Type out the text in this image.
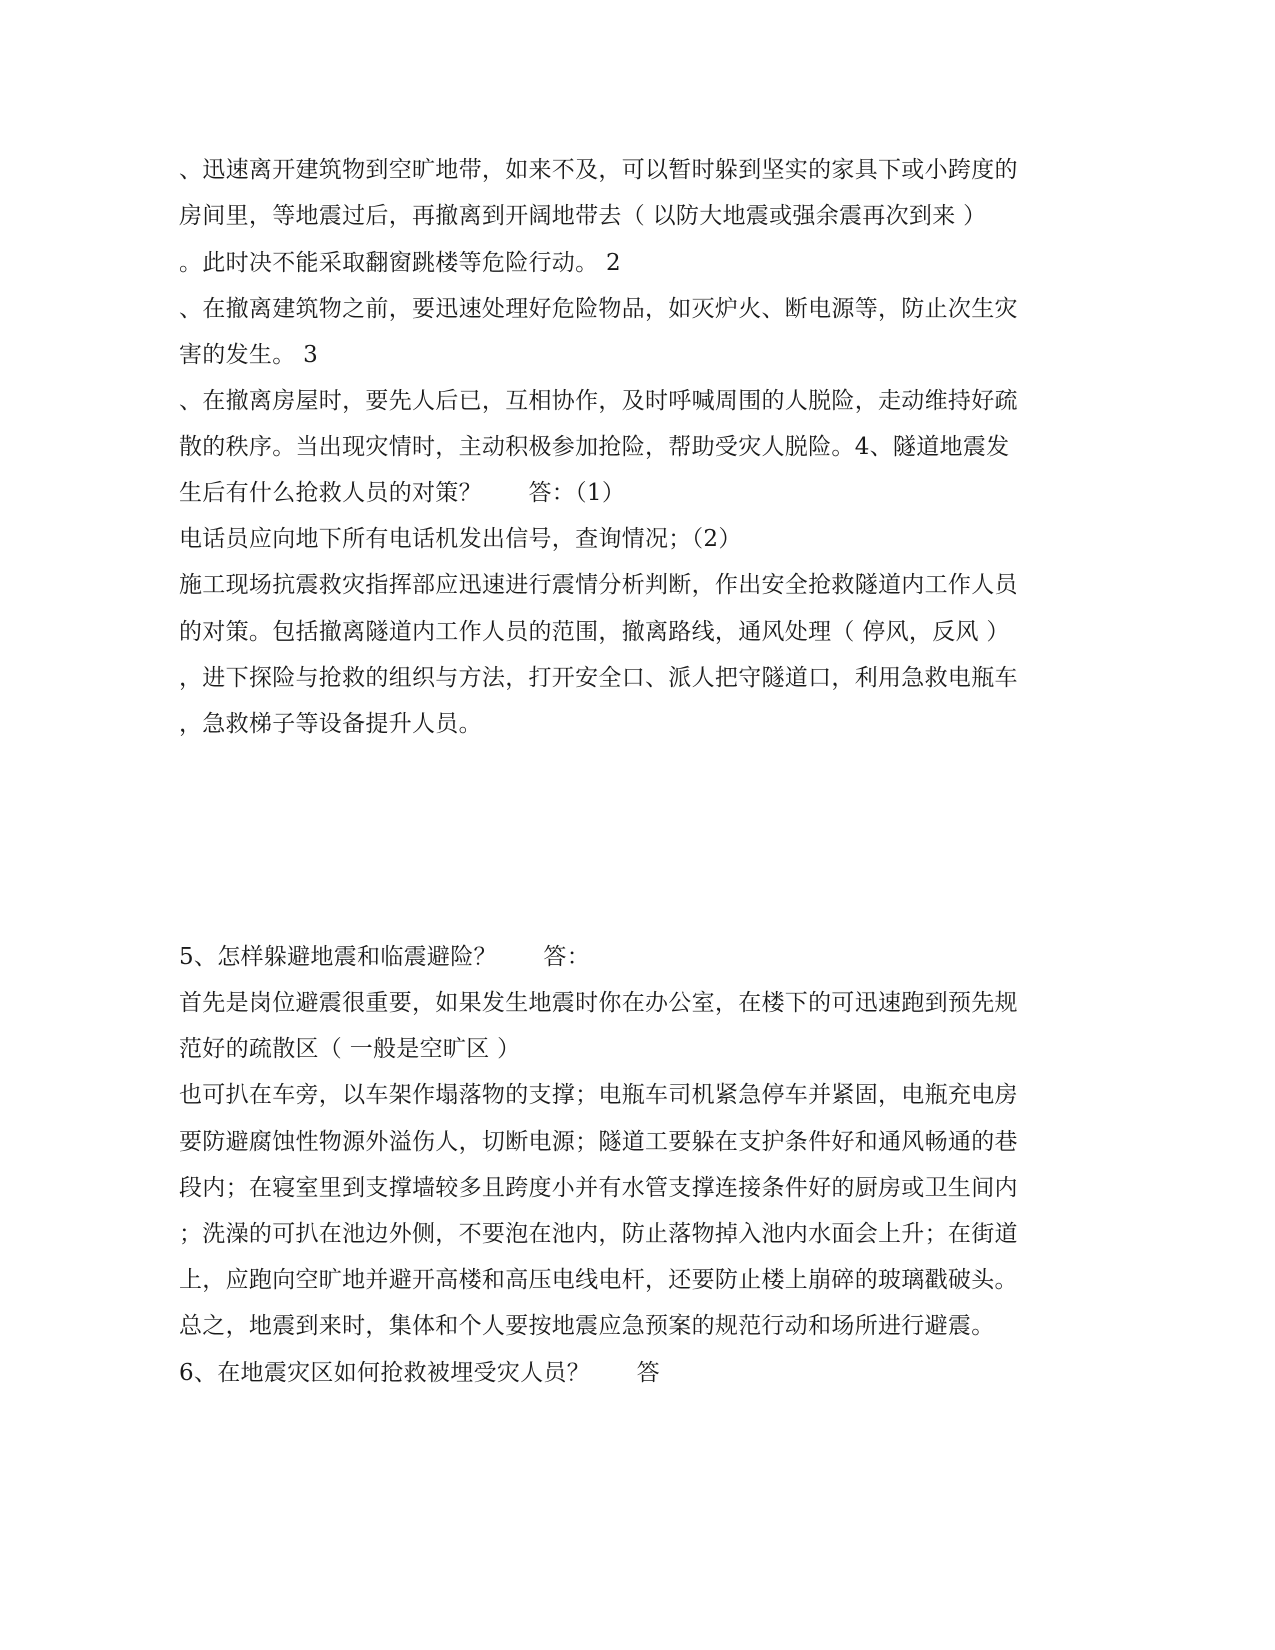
、迅速离开建筑物到空旷地带，如来不及，可以暂时躲到坚实的家具下或小跨度的
房间里，等地震过后，再撤离到开阔地带去（ 以防大地震或强余震再次到来 ）
。此时决不能采取翻窗跳楼等危险行动。 2
、在撤离建筑物之前，要迅速处理好危险物品，如灭炉火、断电源等，防止次生灾
害的发生。 3
、在撤离房屋时，要先人后已，互相协作，及时呼喊周围的人脱险，走动维持好疏
散的秩序。当出现灾情时，主动积极参加抢险，帮助受灾人脱险。4、隧道地震发
生后有什么抢救人员的对策？　　答：（1）
电话员应向地下所有电话机发出信号，查询情况；（2）
施工现场抗震救灾指挥部应迅速进行震情分析判断，作出安全抢救隧道内工作人员
的对策。包括撤离隧道内工作人员的范围，撤离路线，通风处理（ 停风，反风 ）
，进下探险与抢救的组织与方法，打开安全口、派人把守隧道口，利用急救电瓶车
，急救梯子等设备提升人员。
5、怎样躲避地震和临震避险？　　答：
首先是岗位避震很重要，如果发生地震时你在办公室，在楼下的可迅速跑到预先规
范好的疏散区（ 一般是空旷区 ）
也可扒在车旁，以车架作塌落物的支撑；电瓶车司机紧急停车并紧固，电瓶充电房
要防避腐蚀性物源外溢伤人，切断电源；隧道工要躲在支护条件好和通风畅通的巷
段内；在寝室里到支撑墙较多且跨度小并有水管支撑连接条件好的厨房或卫生间内
；洗澡的可扒在池边外侧，不要泡在池内，防止落物掉入池内水面会上升；在街道
上，应跑向空旷地并避开高楼和高压电线电杆，还要防止楼上崩碎的玻璃戳破头。
总之，地震到来时，集体和个人要按地震应急预案的规范行动和场所进行避震。
6、在地震灾区如何抢救被埋受灾人员？　　答
